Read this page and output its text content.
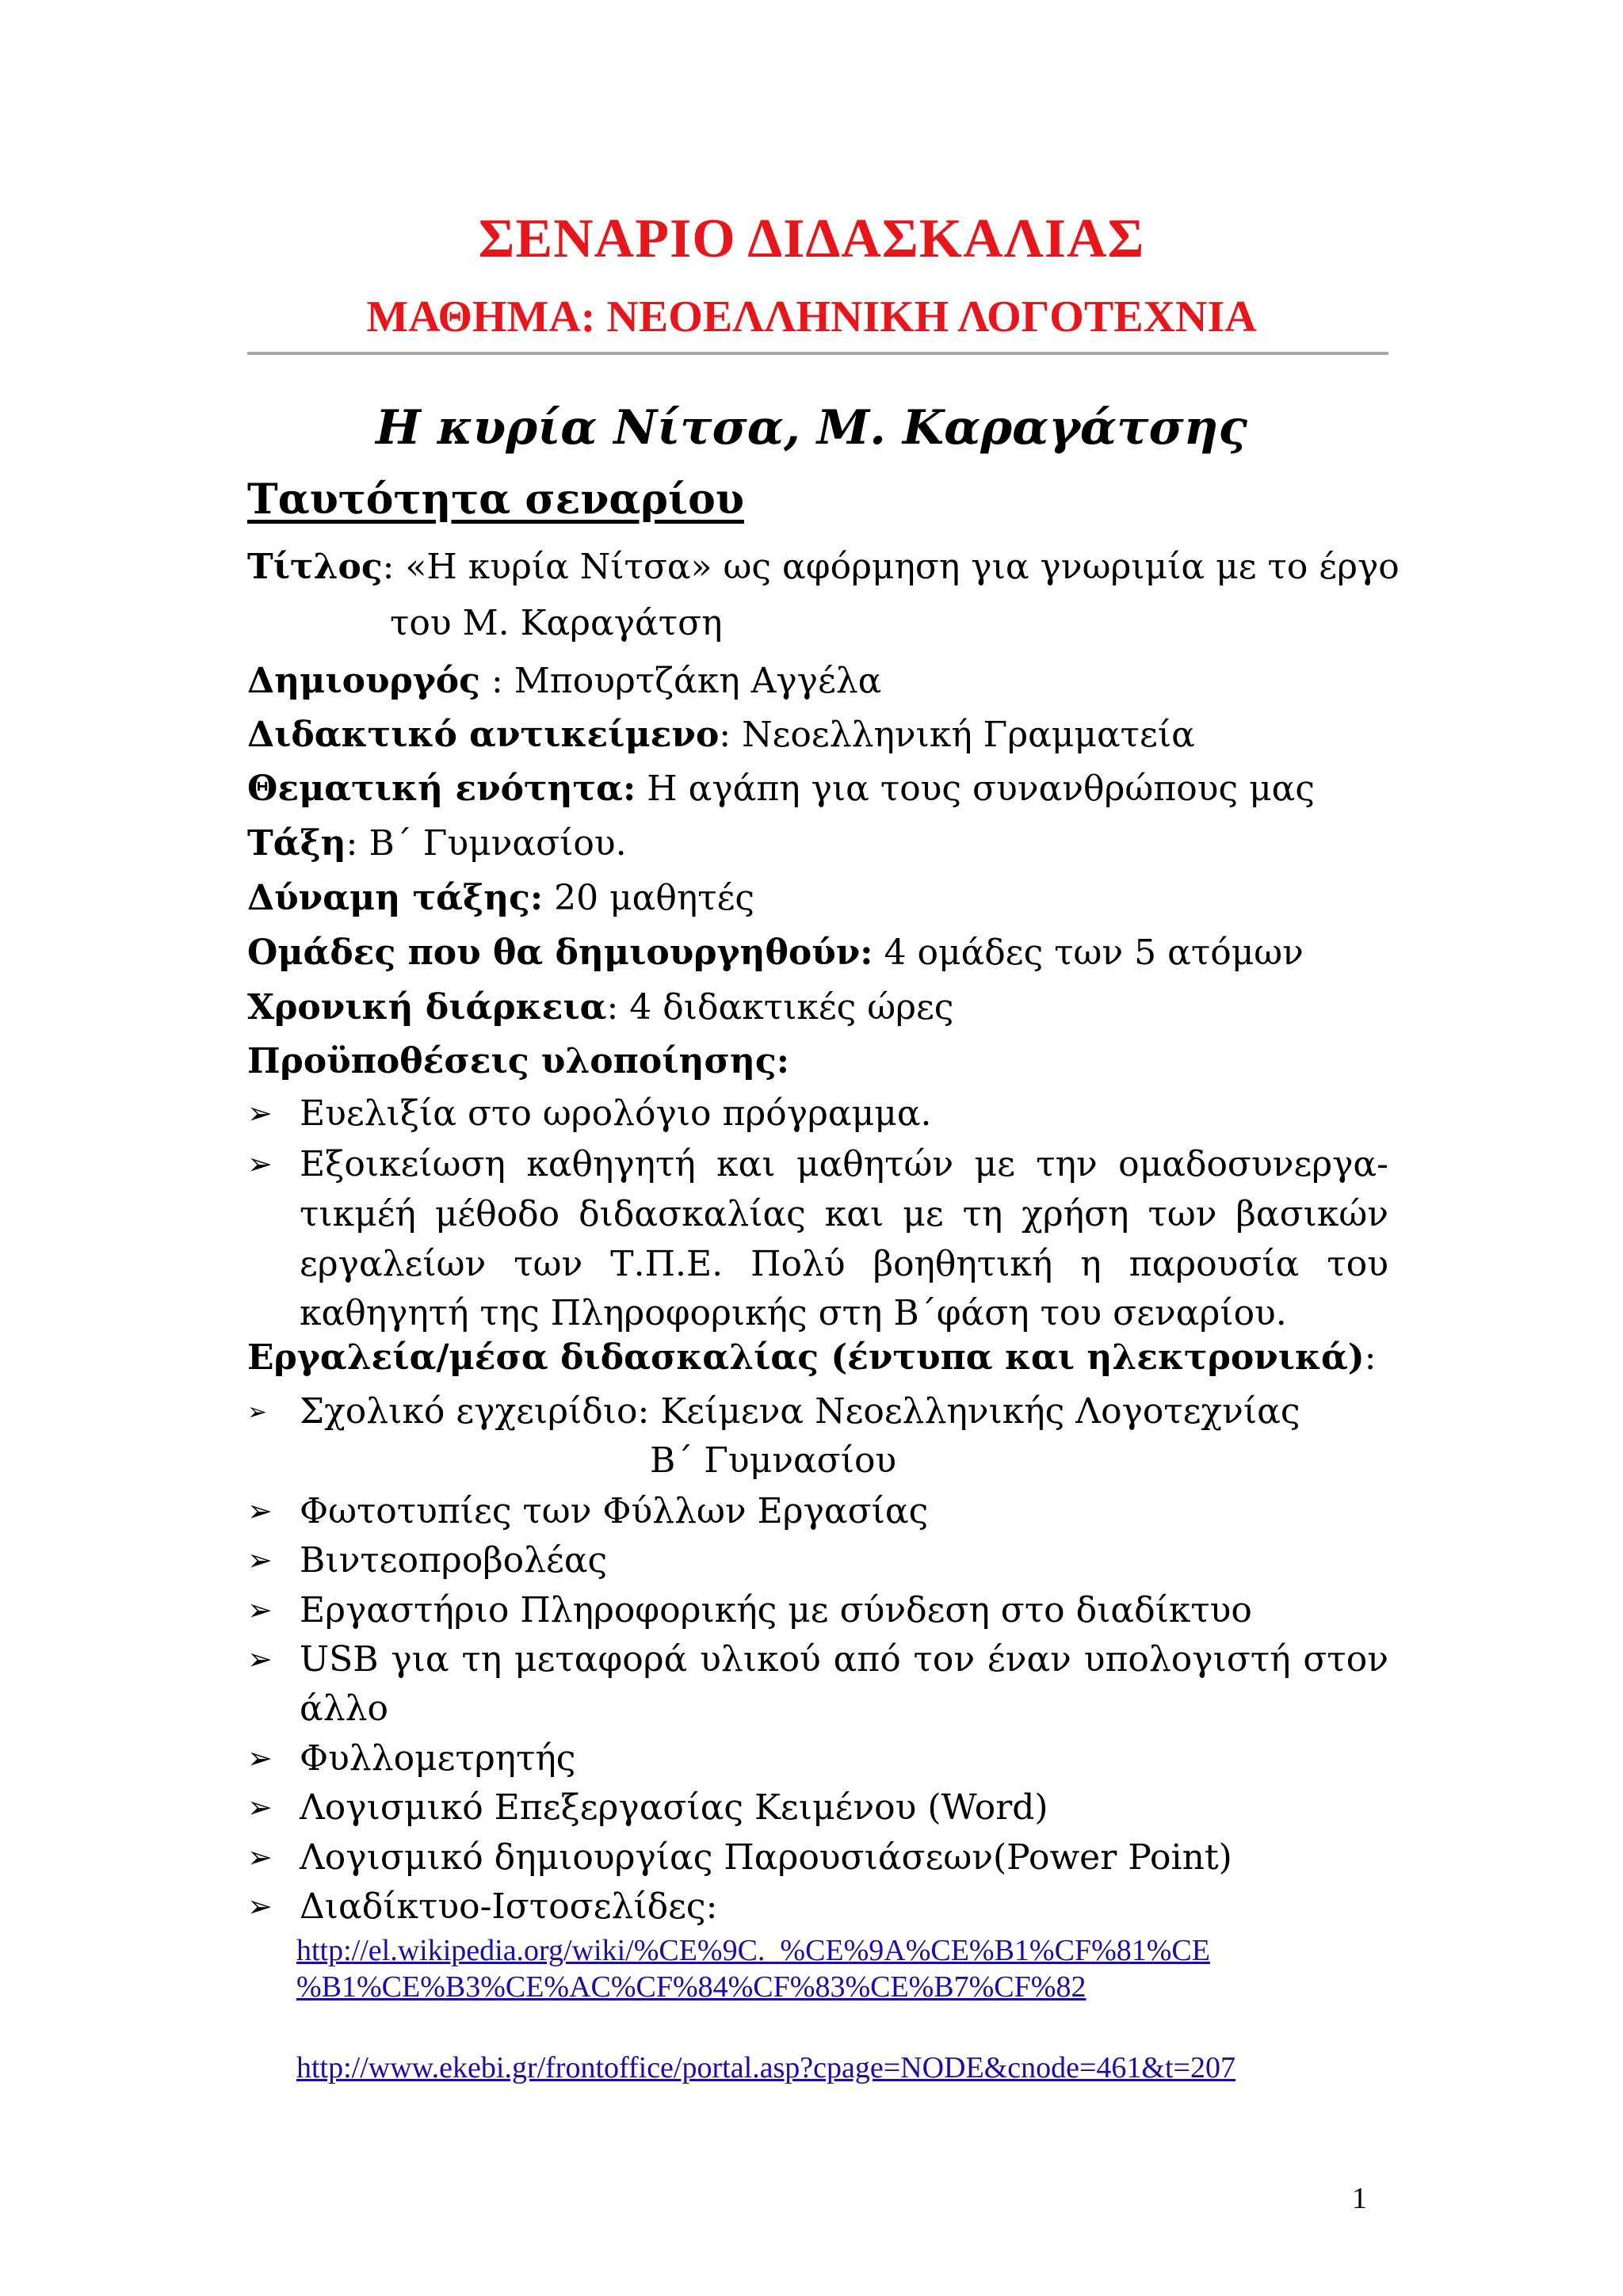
ΣΕΝΑΡΙΟ ΔΙΔΑΣΚΑΛΙΑΣ
ΜΑΘΗΜΑ: ΝΕΟΕΛΛΗΝΙΚΗ ΛΟΓΟΤΕΧΝΙΑ
Η κυρία Νίτσα, Μ. Καραγάτσης
Ταυτότητα σεναρίου
Τίτλος: «Η κυρία Νίτσα» ως αφόρμηση για γνωριμία με το έργο
του Μ. Καραγάτση
Δημιουργός : Μπουρτζάκη Αγγέλα
Διδακτικό αντικείμενο: Νεοελληνική Γραμματεία
Θεματική ενότητα: Η αγάπη για τους συνανθρώπους μας
Τάξη: Β΄ Γυμνασίου.
Δύναμη τάξης: 20 μαθητές
Ομάδες που θα δημιουργηθούν: 4 ομάδες των 5 ατόμων
Χρονική διάρκεια: 4 διδακτικές ώρες
Προϋποθέσεις υλοποίησης:
➢ Ευελιξία στο ωρολόγιο πρόγραμμα.
➢ Εξοικείωση καθηγητή και μαθητών με την ομαδοσυνεργα-
τικμέή μέθοδο διδασκαλίας και με τη χρήση των βασικών
εργαλείων των Τ.Π.Ε. Πολύ βοηθητική η παρουσία του
καθηγητή της Πληροφορικής στη Β΄φάση του σεναρίου.
Εργαλεία/μέσα διδασκαλίας (έντυπα και ηλεκτρονικά):
➢ Σχολικό εγχειρίδιο: Κείμενα Νεοελληνικής Λογοτεχνίας
Β΄ Γυμνασίου
➢ Φωτοτυπίες των Φύλλων Εργασίας
➢ Βιντεοπροβολέας
➢ Εργαστήριο Πληροφορικής με σύνδεση στο διαδίκτυο
➢ USB για τη μεταφορά υλικού από τον έναν υπολογιστή στον
άλλο
➢ Φυλλομετρητής
➢ Λογισμικό Επεξεργασίας Κειμένου (Word)
➢ Λογισμικό δημιουργίας Παρουσιάσεων(Power Point)
➢ Διαδίκτυο-Ιστοσελίδες:
http://el.wikipedia.org/wiki/%CE%9C._%CE%9A%CE%B1%CF%81%CE
%B1%CE%B3%CE%AC%CF%84%CF%83%CE%B7%CF%82
http://www.ekebi.gr/frontoffice/portal.asp?cpage=NODE&cnode=461&t=207
1
